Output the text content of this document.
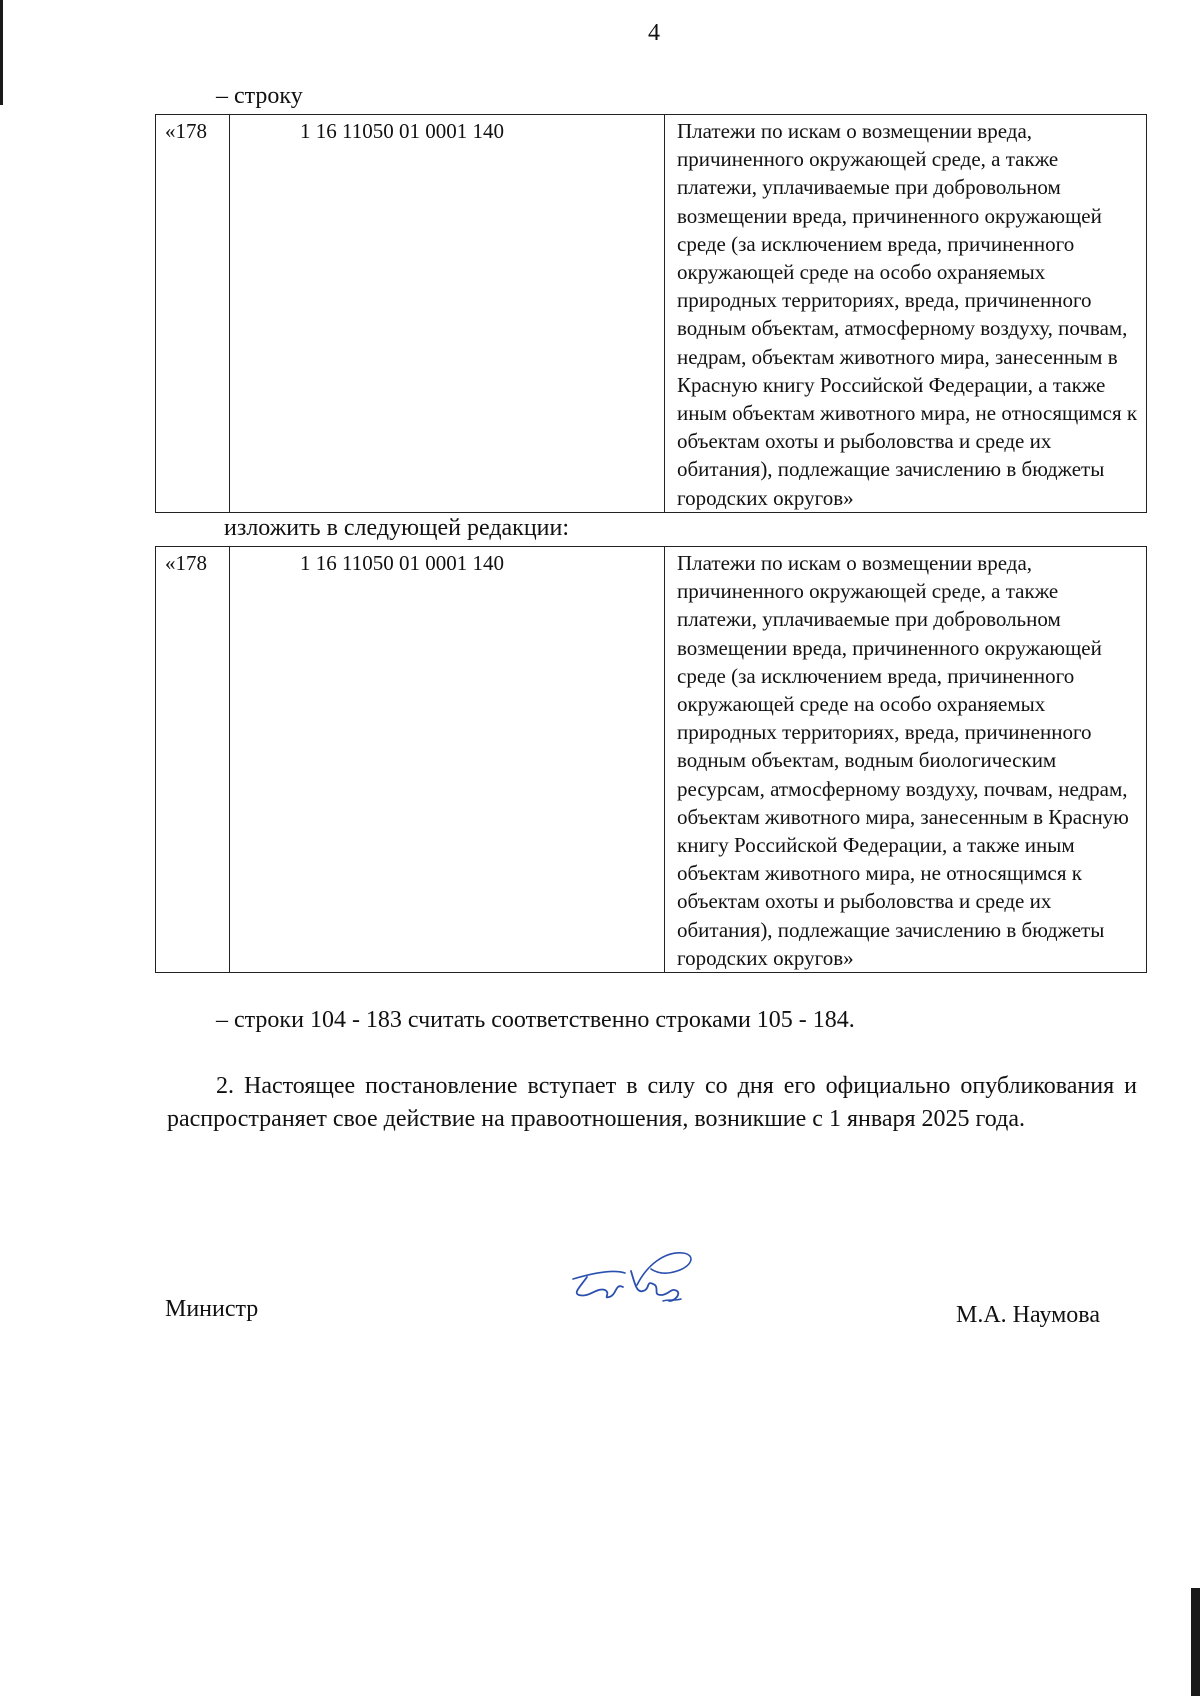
4
– строку
«178	1 16 11050 01 0001 140	Платежи по искам о возмещении вреда, причиненного окружающей среде, а также платежи, уплачиваемые при добровольном возмещении вреда, причиненного окружающей среде (за исключением вреда, причиненного окружающей среде на особо охраняемых природных территориях, вреда, причиненного водным объектам, атмосферному воздуху, почвам, недрам, объектам животного мира, занесенным в Красную книгу Российской Федерации, а также иным объектам животного мира, не относящимся к объектам охоты и рыболовства и среде их обитания), подлежащие зачислению в бюджеты городских округов»
изложить в следующей редакции:
«178	1 16 11050 01 0001 140	Платежи по искам о возмещении вреда, причиненного окружающей среде, а также платежи, уплачиваемые при добровольном возмещении вреда, причиненного окружающей среде (за исключением вреда, причиненного окружающей среде на особо охраняемых природных территориях, вреда, причиненного водным объектам, водным биологическим ресурсам, атмосферному воздуху, почвам, недрам, объектам животного мира, занесенным в Красную книгу Российской Федерации, а также иным объектам животного мира, не относящимся к объектам охоты и рыболовства и среде их обитания), подлежащие зачислению в бюджеты городских округов»
– строки 104 - 183 считать соответственно строками 105 - 184.
2. Настоящее постановление вступает в силу со дня его официально опубликования и распространяет свое действие на правоотношения, возникшие с 1 января 2025 года.
Министр	М.А. Наумова
